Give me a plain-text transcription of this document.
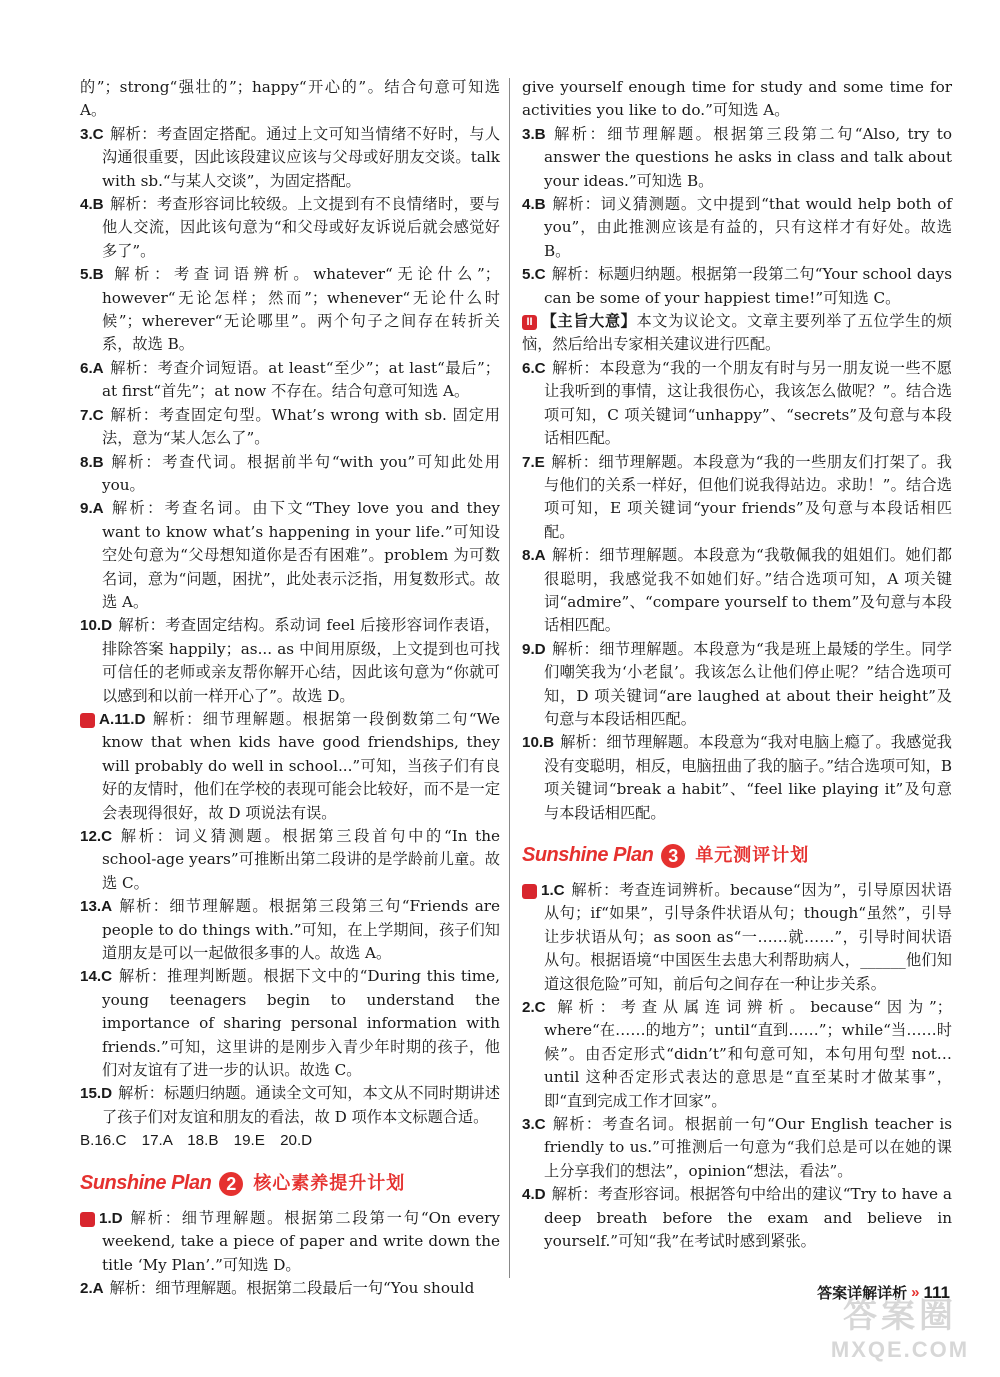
的”；strong“强壮的”；happy“开心的”。结合句意可知选 A。
3.C 解析：考查固定搭配。通过上文可知当情绪不好时，与人沟通很重要，因此该段建议应该与父母或好朋友交谈。talk with sb.“与某人交谈”，为固定搭配。
4.B 解析：考查形容词比较级。上文提到有不良情绪时，要与他人交流，因此该句意为“和父母或好友诉说后就会感觉好多了”。
5.B 解析：考查词语辨析。whatever“无论什么”；however“无论怎样；然而”；whenever“无论什么时候”；wherever“无论哪里”。两个句子之间存在转折关系，故选 B。
6.A 解析：考查介词短语。at least“至少”；at last“最后”；at first“首先”；at now 不存在。结合句意可知选 A。
7.C 解析：考查固定句型。What’s wrong with sb. 固定用法，意为“某人怎么了”。
8.B 解析：考查代词。根据前半句“with you”可知此处用 you。
9.A 解析：考查名词。由下文“They love you and they want to know what’s happening in your life.”可知设空处句意为“父母想知道你是否有困难”。problem 为可数名词，意为“问题，困扰”，此处表示泛指，用复数形式。故选 A。
10.D 解析：考查固定结构。系动词 feel 后接形容词作表语，排除答案 happily；as... as 中间用原级，上文提到也可找可信任的老师或亲友帮你解开心结，因此该句意为“你就可以感到和以前一样开心了”。故选 D。
II A.11.D 解析：细节理解题。根据第一段倒数第二句“We know that when kids have good friendships, they will probably do well in school...”可知，当孩子们有良好的友情时，他们在学校的表现可能会比较好，而不是一定会表现得很好，故 D 项说法有误。
12.C 解析：词义猜测题。根据第三段首句中的“In the school-age years”可推断出第二段讲的是学龄前儿童。故选 C。
13.A 解析：细节理解题。根据第三段第三句“Friends are people to do things with.”可知，在上学期间，孩子们知道朋友是可以一起做很多事的人。故选 A。
14.C 解析：推理判断题。根据下文中的“During this time, young teenagers begin to understand the importance of sharing personal information with friends.”可知，这里讲的是刚步入青少年时期的孩子，他们对友谊有了进一步的认识。故选 C。
15.D 解析：标题归纳题。通读全文可知，本文从不同时期讲述了孩子们对友谊和朋友的看法，故 D 项作本文标题合适。
B.16.C　17.A　18.B　19.E　20.D
Sunshine Plan 2 核心素养提升计划
I 1.D 解析：细节理解题。根据第二段第一句“On every weekend, take a piece of paper and write down the title ‘My Plan’.”可知选 D。
2.A 解析：细节理解题。根据第二段最后一句“You should
give yourself enough time for study and some time for activities you like to do.”可知选 A。
3.B 解析：细节理解题。根据第三段第二句“Also, try to answer the questions he asks in class and talk about your ideas.”可知选 B。
4.B 解析：词义猜测题。文中提到“that would help both of you”，由此推测应该是有益的，只有这样才有好处。故选 B。
5.C 解析：标题归纳题。根据第一段第二句“Your school days can be some of your happiest time!”可知选 C。
II 【主旨大意】本文为议论文。文章主要列举了五位学生的烦恼，然后给出专家相关建议进行匹配。
6.C 解析：本段意为“我的一个朋友有时与另一朋友说一些不愿让我听到的事情，这让我很伤心，我该怎么做呢？”。结合选项可知，C 项关键词“unhappy”、“secrets”及句意与本段话相匹配。
7.E 解析：细节理解题。本段意为“我的一些朋友们打架了。我与他们的关系一样好，但他们说我得站边。求助！”。结合选项可知，E 项关键词“your friends”及句意与本段话相匹配。
8.A 解析：细节理解题。本段意为“我敬佩我的姐姐们。她们都很聪明，我感觉我不如她们好。”结合选项可知，A 项关键词“admire”、“compare yourself to them”及句意与本段话相匹配。
9.D 解析：细节理解题。本段意为“我是班上最矮的学生。同学们嘲笑我为‘小老鼠’。我该怎么让他们停止呢？”结合选项可知，D 项关键词“are laughed at about their height”及句意与本段话相匹配。
10.B 解析：细节理解题。本段意为“我对电脑上瘾了。我感觉我没有变聪明，相反，电脑扭曲了我的脑子。”结合选项可知，B 项关键词“break a habit”、“feel like playing it”及句意与本段话相匹配。
Sunshine Plan 3 单元测评计划
I 1.C 解析：考查连词辨析。because“因为”，引导原因状语从句；if“如果”，引导条件状语从句；though“虽然”，引导让步状语从句；as soon as“一……就……”，引导时间状语从句。根据语境“中国医生去患大利帮助病人，______他们知道这很危险”可知，前后句之间存在一种让步关系。
2.C 解析：考查从属连词辨析。because“因为”；where“在……的地方”；until“直到……”；while“当……时候”。由否定形式“didn’t”和句意可知，本句用句型 not…until 这种否定形式表达的意思是“直至某时才做某事”，即“直到完成工作才回家”。
3.C 解析：考查名词。根据前一句“Our English teacher is friendly to us.”可推测后一句意为“我们总是可以在她的课上分享我们的想法”，opinion“想法，看法”。
4.D 解析：考查形容词。根据答句中给出的建议“Try to have a deep breath before the exam and believe in yourself.”可知“我”在考试时感到紧张。
答案详解详析 » 111
答案圈
MXQE.COM
